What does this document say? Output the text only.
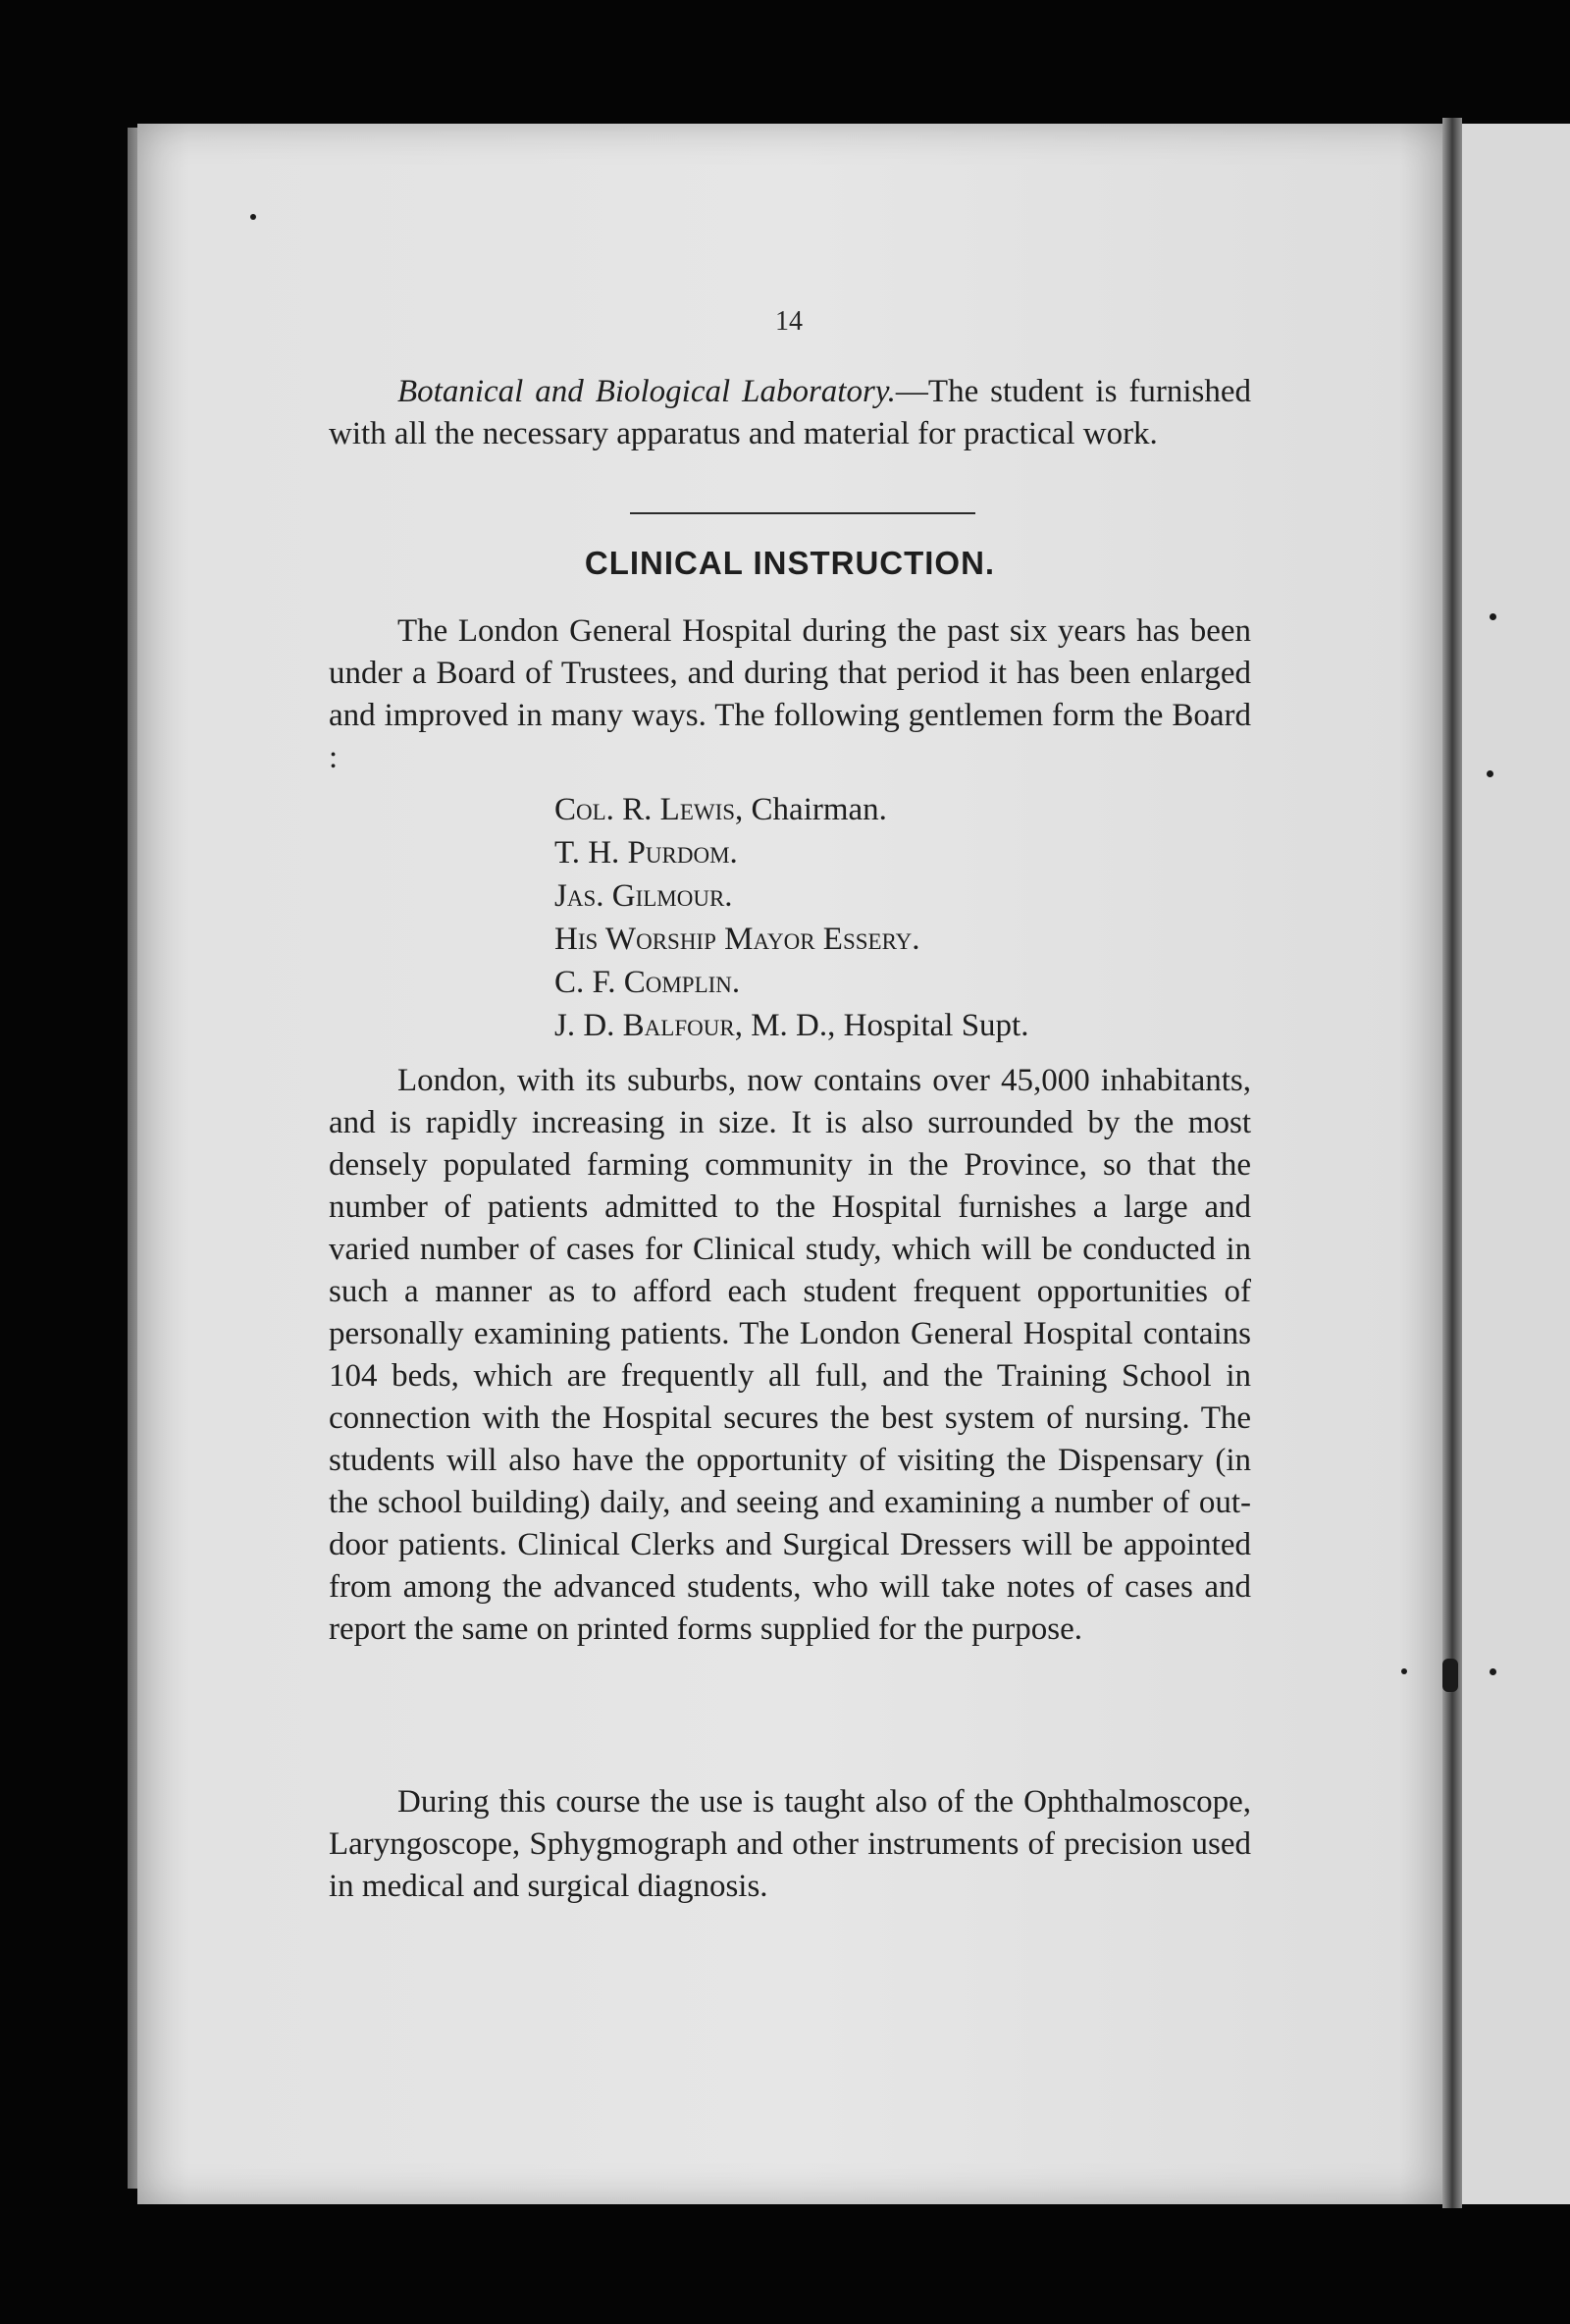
14

Botanical and Biological Laboratory.—The student is furnished with all the necessary apparatus and material for practical work.

CLINICAL INSTRUCTION.

The London General Hospital during the past six years has been under a Board of Trustees, and during that period it has been enlarged and improved in many ways. The following gentlemen form the Board :

Col. R. Lewis, Chairman.
T. H. Purdom.
Jas. Gilmour.
His Worship Mayor Essery.
C. F. Complin.
J. D. Balfour, M. D., Hospital Supt.

London, with its suburbs, now contains over 45,000 inhabitants, and is rapidly increasing in size. It is also surrounded by the most densely populated farming community in the Province, so that the number of patients admitted to the Hospital furnishes a large and varied number of cases for Clinical study, which will be conducted in such a manner as to afford each student frequent opportunities of personally examining patients. The London General Hospital contains 104 beds, which are frequently all full, and the Training School in connection with the Hospital secures the best system of nursing. The students will also have the opportunity of visiting the Dispensary (in the school building) daily, and seeing and examining a number of out-door patients. Clinical Clerks and Surgical Dressers will be appointed from among the advanced students, who will take notes of cases and report the same on printed forms supplied for the purpose.

During this course the use is taught also of the Ophthalmoscope, Laryngoscope, Sphygmograph and other instruments of precision used in medical and surgical diagnosis.
